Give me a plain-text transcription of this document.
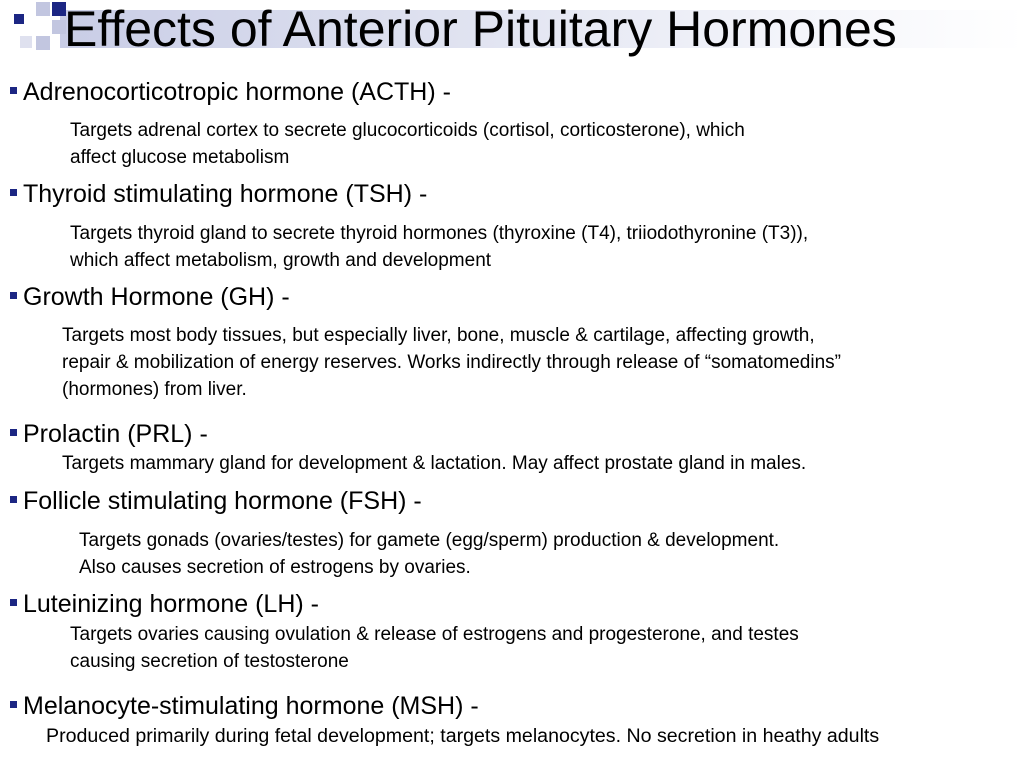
Effects of Anterior Pituitary Hormones
Adrenocorticotropic hormone (ACTH) -

Targets adrenal cortex to secrete glucocorticoids (cortisol, corticosterone), which
affect glucose metabolism

Thyroid stimulating hormone (TSH) -

Targets thyroid gland to secrete thyroid hormones (thyroxine (T4), triiodothyronine (T3)),
which affect metabolism, growth and development

Growth Hormone (GH) -

Targets most body tissues, but especially liver, bone, muscle & cartilage, affecting growth,
repair & mobilization of energy reserves. Works indirectly through release of “somatomedins”
(hormones) from liver.

Prolactin (PRL) -

Targets mammary gland for development & lactation. May affect prostate gland in males.

Follicle stimulating hormone (FSH) -

Targets gonads (ovaries/testes) for gamete (egg/sperm) production & development.
Also causes secretion of estrogens by ovaries.

Luteinizing hormone (LH) -

Targets ovaries causing ovulation & release of estrogens and progesterone, and testes
causing secretion of testosterone

Melanocyte-stimulating hormone (MSH) -

Produced primarily during fetal development; targets melanocytes. No secretion in heathy adults
